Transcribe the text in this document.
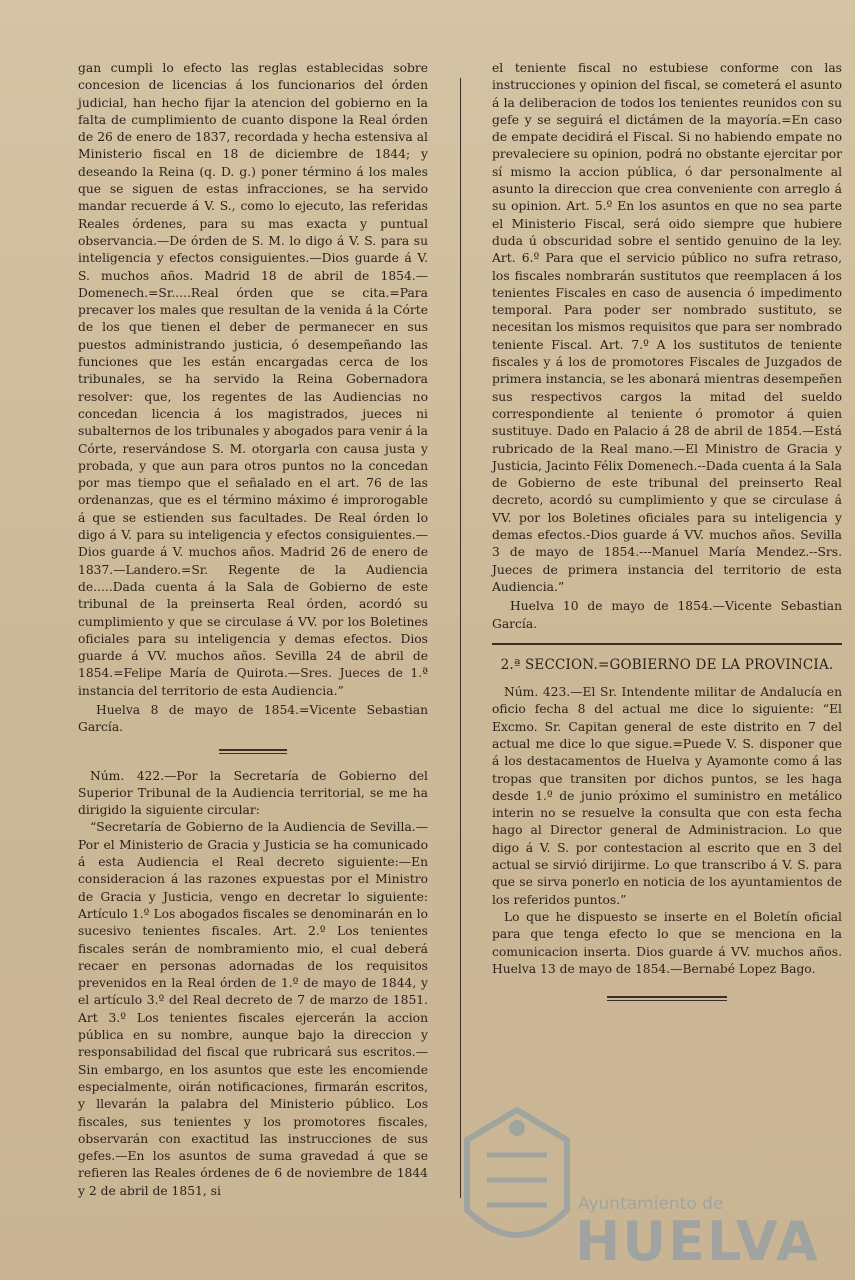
gan cumpli lo efecto las reglas establecidas sobre concesion de licencias á los funcionarios del órden judicial, han hecho fijar la atencion del gobierno en la falta de cumplimiento de cuanto dispone la Real órden de 26 de enero de 1837, recordada y hecha estensiva al Ministerio fiscal en 18 de diciembre de 1844; y deseando la Reina (q. D. g.) poner término á los males que se siguen de estas infracciones, se ha servido mandar recuerde á V. S., como lo ejecuto, las referidas Reales órdenes, para su mas exacta y puntual observancia.—De órden de S. M. lo digo á V. S. para su inteligencia y efectos consiguientes.—Dios guarde á V. S. muchos años. Madrid 18 de abril de 1854.—Domenech.=Sr.....Real órden que se cita.=Para precaver los males que resultan de la venida á la Córte de los que tienen el deber de permanecer en sus puestos administrando justicia, ó desempeñando las funciones que les están encargadas cerca de los tribunales, se ha servido la Reina Gobernadora resolver: que, los regentes de las Audiencias no concedan licencia á los magistrados, jueces ni subalternos de los tribunales y abogados para venir á la Córte, reservándose S. M. otorgarla con causa justa y probada, y que aun para otros puntos no la concedan por mas tiempo que el señalado en el art. 76 de las ordenanzas, que es el término máximo é improrogable á que se estienden sus facultades. De Real órden lo digo á V. para su inteligencia y efectos consiguientes.—Dios guarde á V. muchos años. Madrid 26 de enero de 1837.—Landero.=Sr. Regente de la Audiencia de.....Dada cuenta á la Sala de Gobierno de este tribunal de la preinserta Real órden, acordó su cumplimiento y que se circulase á VV. por los Boletines oficiales para su inteligencia y demas efectos. Dios guarde á VV. muchos años. Sevilla 24 de abril de 1854.=Felipe María de Quirota.—Sres. Jueces de 1.ª instancia del territorio de esta Audiencia.”

Huelva 8 de mayo de 1854.=Vicente Sebastian García.

Núm. 422.—Por la Secretaría de Gobierno del Superior Tribunal de la Audiencia territorial, se me ha dirigido la siguiente circular:

“Secretaría de Gobierno de la Audiencia de Sevilla.—Por el Ministerio de Gracia y Justicia se ha comunicado á esta Audiencia el Real decreto siguiente:—En consideracion á las razones expuestas por el Ministro de Gracia y Justicia, vengo en decretar lo siguiente: Artículo 1.º Los abogados fiscales se denominarán en lo sucesivo tenientes fiscales. Art. 2.º Los tenientes fiscales serán de nombramiento mio, el cual deberá recaer en personas adornadas de los requisitos prevenidos en la Real órden de 1.º de mayo de 1844, y el artículo 3.º del Real decreto de 7 de marzo de 1851. Art 3.º Los tenientes fiscales ejercerán la accion pública en su nombre, aunque bajo la direccion y responsabilidad del fiscal que rubricará sus escritos.—Sin embargo, en los asuntos que este les encomiende especialmente, oirán notificaciones, firmarán escritos, y llevarán la palabra del Ministerio público. Los fiscales, sus tenientes y los promotores fiscales, observarán con exactitud las instrucciones de sus gefes.—En los asuntos de suma gravedad á que se refieren las Reales órdenes de 6 de noviembre de 1844 y 2 de abril de 1851, si

el teniente fiscal no estubiese conforme con las instrucciones y opinion del fiscal, se cometerá el asunto á la deliberacion de todos los tenientes reunidos con su gefe y se seguirá el dictámen de la mayoría.=En caso de empate decidirá el Fiscal. Si no habiendo empate no prevaleciere su opinion, podrá no obstante ejercitar por sí mismo la accion pública, ó dar personalmente al asunto la direccion que crea conveniente con arreglo á su opinion. Art. 5.º En los asuntos en que no sea parte el Ministerio Fiscal, será oido siempre que hubiere duda ú obscuridad sobre el sentido genuino de la ley. Art. 6.º Para que el servicio público no sufra retraso, los fiscales nombrarán sustitutos que reemplacen á los tenientes Fiscales en caso de ausencia ó impedimento temporal. Para poder ser nombrado sustituto, se necesitan los mismos requisitos que para ser nombrado teniente Fiscal. Art. 7.º A los sustitutos de teniente fiscales y á los de promotores Fiscales de Juzgados de primera instancia, se les abonará mientras desempeñen sus respectivos cargos la mitad del sueldo correspondiente al teniente ó promotor á quien sustituye. Dado en Palacio á 28 de abril de 1854.—Está rubricado de la Real mano.—El Ministro de Gracia y Justicia, Jacinto Félix Domenech.--Dada cuenta á la Sala de Gobierno de este tribunal del preinserto Real decreto, acordó su cumplimiento y que se circulase á VV. por los Boletines oficiales para su inteligencia y demas efectos.-Dios guarde á VV. muchos años. Sevilla 3 de mayo de 1854.---Manuel María Mendez.--Srs. Jueces de primera instancia del territorio de esta Audiencia.”

Huelva 10 de mayo de 1854.—Vicente Sebastian García.

2.ª SECCION.=GOBIERNO DE LA PROVINCIA.

Núm. 423.—El Sr. Intendente militar de Andalucía en oficio fecha 8 del actual me dice lo siguiente: “El Excmo. Sr. Capitan general de este distrito en 7 del actual me dice lo que sigue.=Puede V. S. disponer que á los destacamentos de Huelva y Ayamonte como á las tropas que transiten por dichos puntos, se les haga desde 1.º de junio próximo el suministro en metálico interin no se resuelve la consulta que con esta fecha hago al Director general de Administracion. Lo que digo á V. S. por contestacion al escrito que en 3 del actual se sirvió dirijirme. Lo que transcribo á V. S. para que se sirva ponerlo en noticia de los ayuntamientos de los referidos puntos.”

Lo que he dispuesto se inserte en el Boletín oficial para que tenga efecto lo que se menciona en la comunicacion inserta. Dios guarde á VV. muchos años. Huelva 13 de mayo de 1854.—Bernabé Lopez Bago.

Ayuntamiento de
HUELVA
